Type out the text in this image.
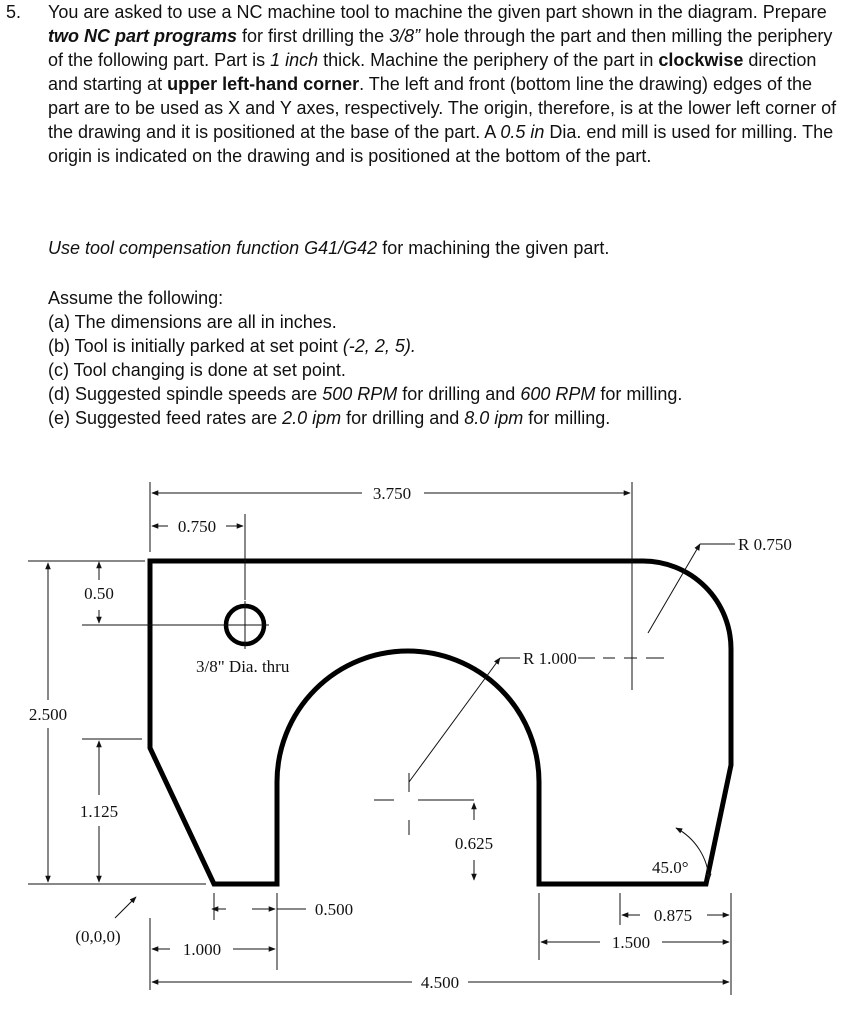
5. You are asked to use a NC machine tool to machine the given part shown in the diagram. Prepare two NC part programs for first drilling the 3/8” hole through the part and then milling the periphery of the following part. Part is 1 inch thick. Machine the periphery of the part in clockwise direction and starting at upper left-hand corner. The left and front (bottom line the drawing) edges of the part are to be used as X and Y axes, respectively. The origin, therefore, is at the lower left corner of the drawing and it is positioned at the base of the part. A 0.5 in Dia. end mill is used for milling. The origin is indicated on the drawing and is positioned at the bottom of the part.

Use tool compensation function G41/G42 for machining the given part.
Assume the following:
(a) The dimensions are all in inches.
(b) Tool is initially parked at set point (-2, 2, 5).
(c) Tool changing is done at set point.
(d) Suggested spindle speeds are 500 RPM for drilling and 600 RPM for milling.
(e) Suggested feed rates are 2.0 ipm for drilling and 8.0 ipm for milling.
3.750
0.750
R 0.750
0.50
3/8" Dia. thru	R 1.000
2.500
1.125
0.625
45.0°
0.500	0.875
(0,0,0)	1.500
1.000
4.500
